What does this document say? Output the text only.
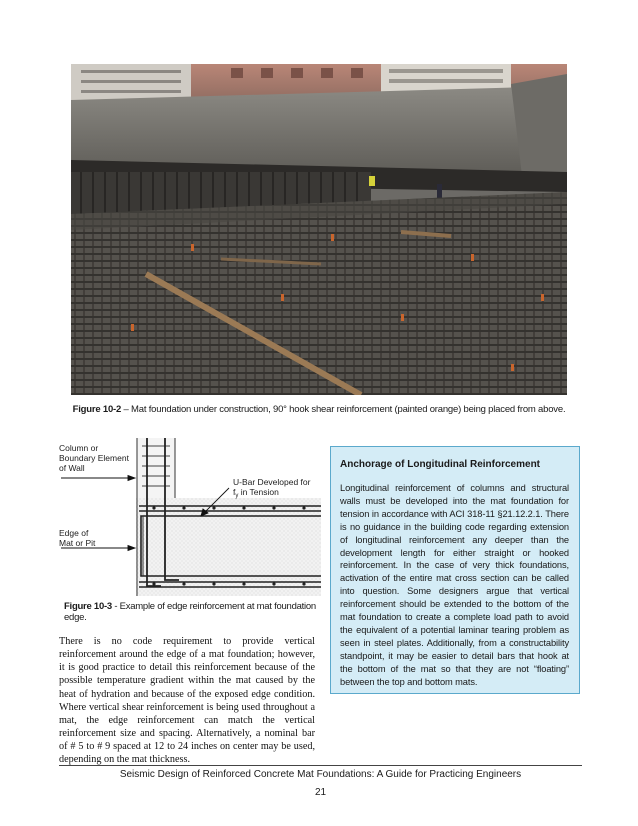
Figure 10-2 – Mat foundation under construction, 90° hook shear reinforcement (painted orange) being placed from above.
Column or Boundary Element of Wall
U-Bar Developed for $f_y$ in Tension
Edge of Mat or Pit
Figure 10-3 - Example of edge reinforcement at mat foundation edge.

There is no code requirement to provide vertical reinforcement around the edge of a mat foundation; however, it is good practice to detail this reinforcement because of the possible temperature gradient within the mat caused by the heat of hydration and because of the exposed edge condition. Where vertical shear reinforcement is being used throughout a mat, the edge reinforcement can match the vertical reinforcement size and spacing. Alternatively, a nominal bar of # 5 to # 9 spaced at 12 to 24 inches on center may be used, depending on the mat thickness.

Anchorage of Longitudinal Reinforcement

Longitudinal reinforcement of columns and structural walls must be developed into the mat foundation for tension in accordance with ACI 318-11 §21.12.2.1. There is no guidance in the building code regarding extension of longitudinal reinforcement any deeper than the development length for either straight or hooked reinforcement. In the case of very thick foundations, activation of the entire mat cross section can be called into question. Some designers argue that vertical reinforcement should be extended to the bottom of the mat foundation to create a complete load path to avoid the equivalent of a potential laminar tearing problem as seen in steel plates. Additionally, from a constructability standpoint, it may be easier to detail bars that hook at the bottom of the mat so that they are not “floating” between the top and bottom mats.

Seismic Design of Reinforced Concrete Mat Foundations: A Guide for Practicing Engineers
21
